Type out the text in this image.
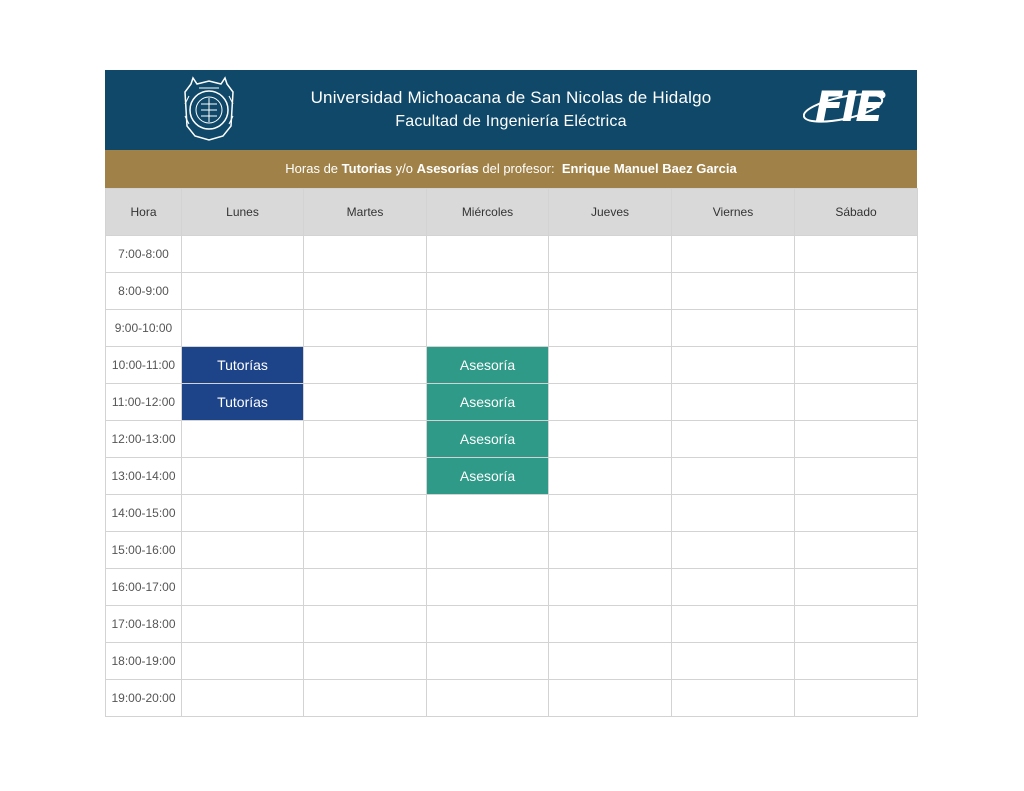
Universidad Michoacana de San Nicolas de Hidalgo
Facultad de Ingeniería Eléctrica	FIE
Horas de Tutorias y/o Asesorías del profesor: Enrique Manuel Baez Garcia
Hora	Lunes	Martes	Miércoles	Jueves	Viernes	Sábado
7:00-8:00						
8:00-9:00						
9:00-10:00						
10:00-11:00	Tutorías		Asesoría			
11:00-12:00	Tutorías		Asesoría			
12:00-13:00			Asesoría			
13:00-14:00			Asesoría			
14:00-15:00						
15:00-16:00						
16:00-17:00						
17:00-18:00						
18:00-19:00						
19:00-20:00						
